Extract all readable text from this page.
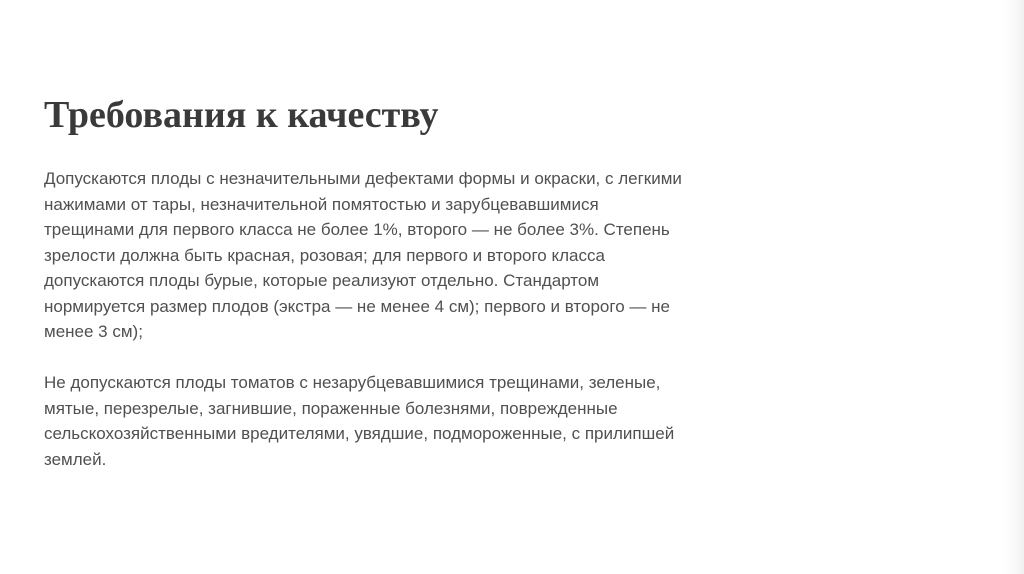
Требования к качеству
Допускаются плоды с незначительными дефектами формы и окраски, с легкими
нажимами от тары, незначительной помятостью и зарубцевавшимися
трещинами для первого класса не более 1%, второго — не более 3%. Степень
зрелости должна быть красная, розовая; для первого и второго класса
допускаются плоды бурые, которые реализуют отдельно. Стандартом
нормируется размер плодов (экстра — не менее 4 см); первого и второго — не
менее 3 см);
Не допускаются плоды томатов с незарубцевавшимися трещинами, зеленые,
мятые, перезрелые, загнившие, пораженные болезнями, поврежденные
сельскохозяйственными вредителями, увядшие, подмороженные, с прилипшей
землей.
